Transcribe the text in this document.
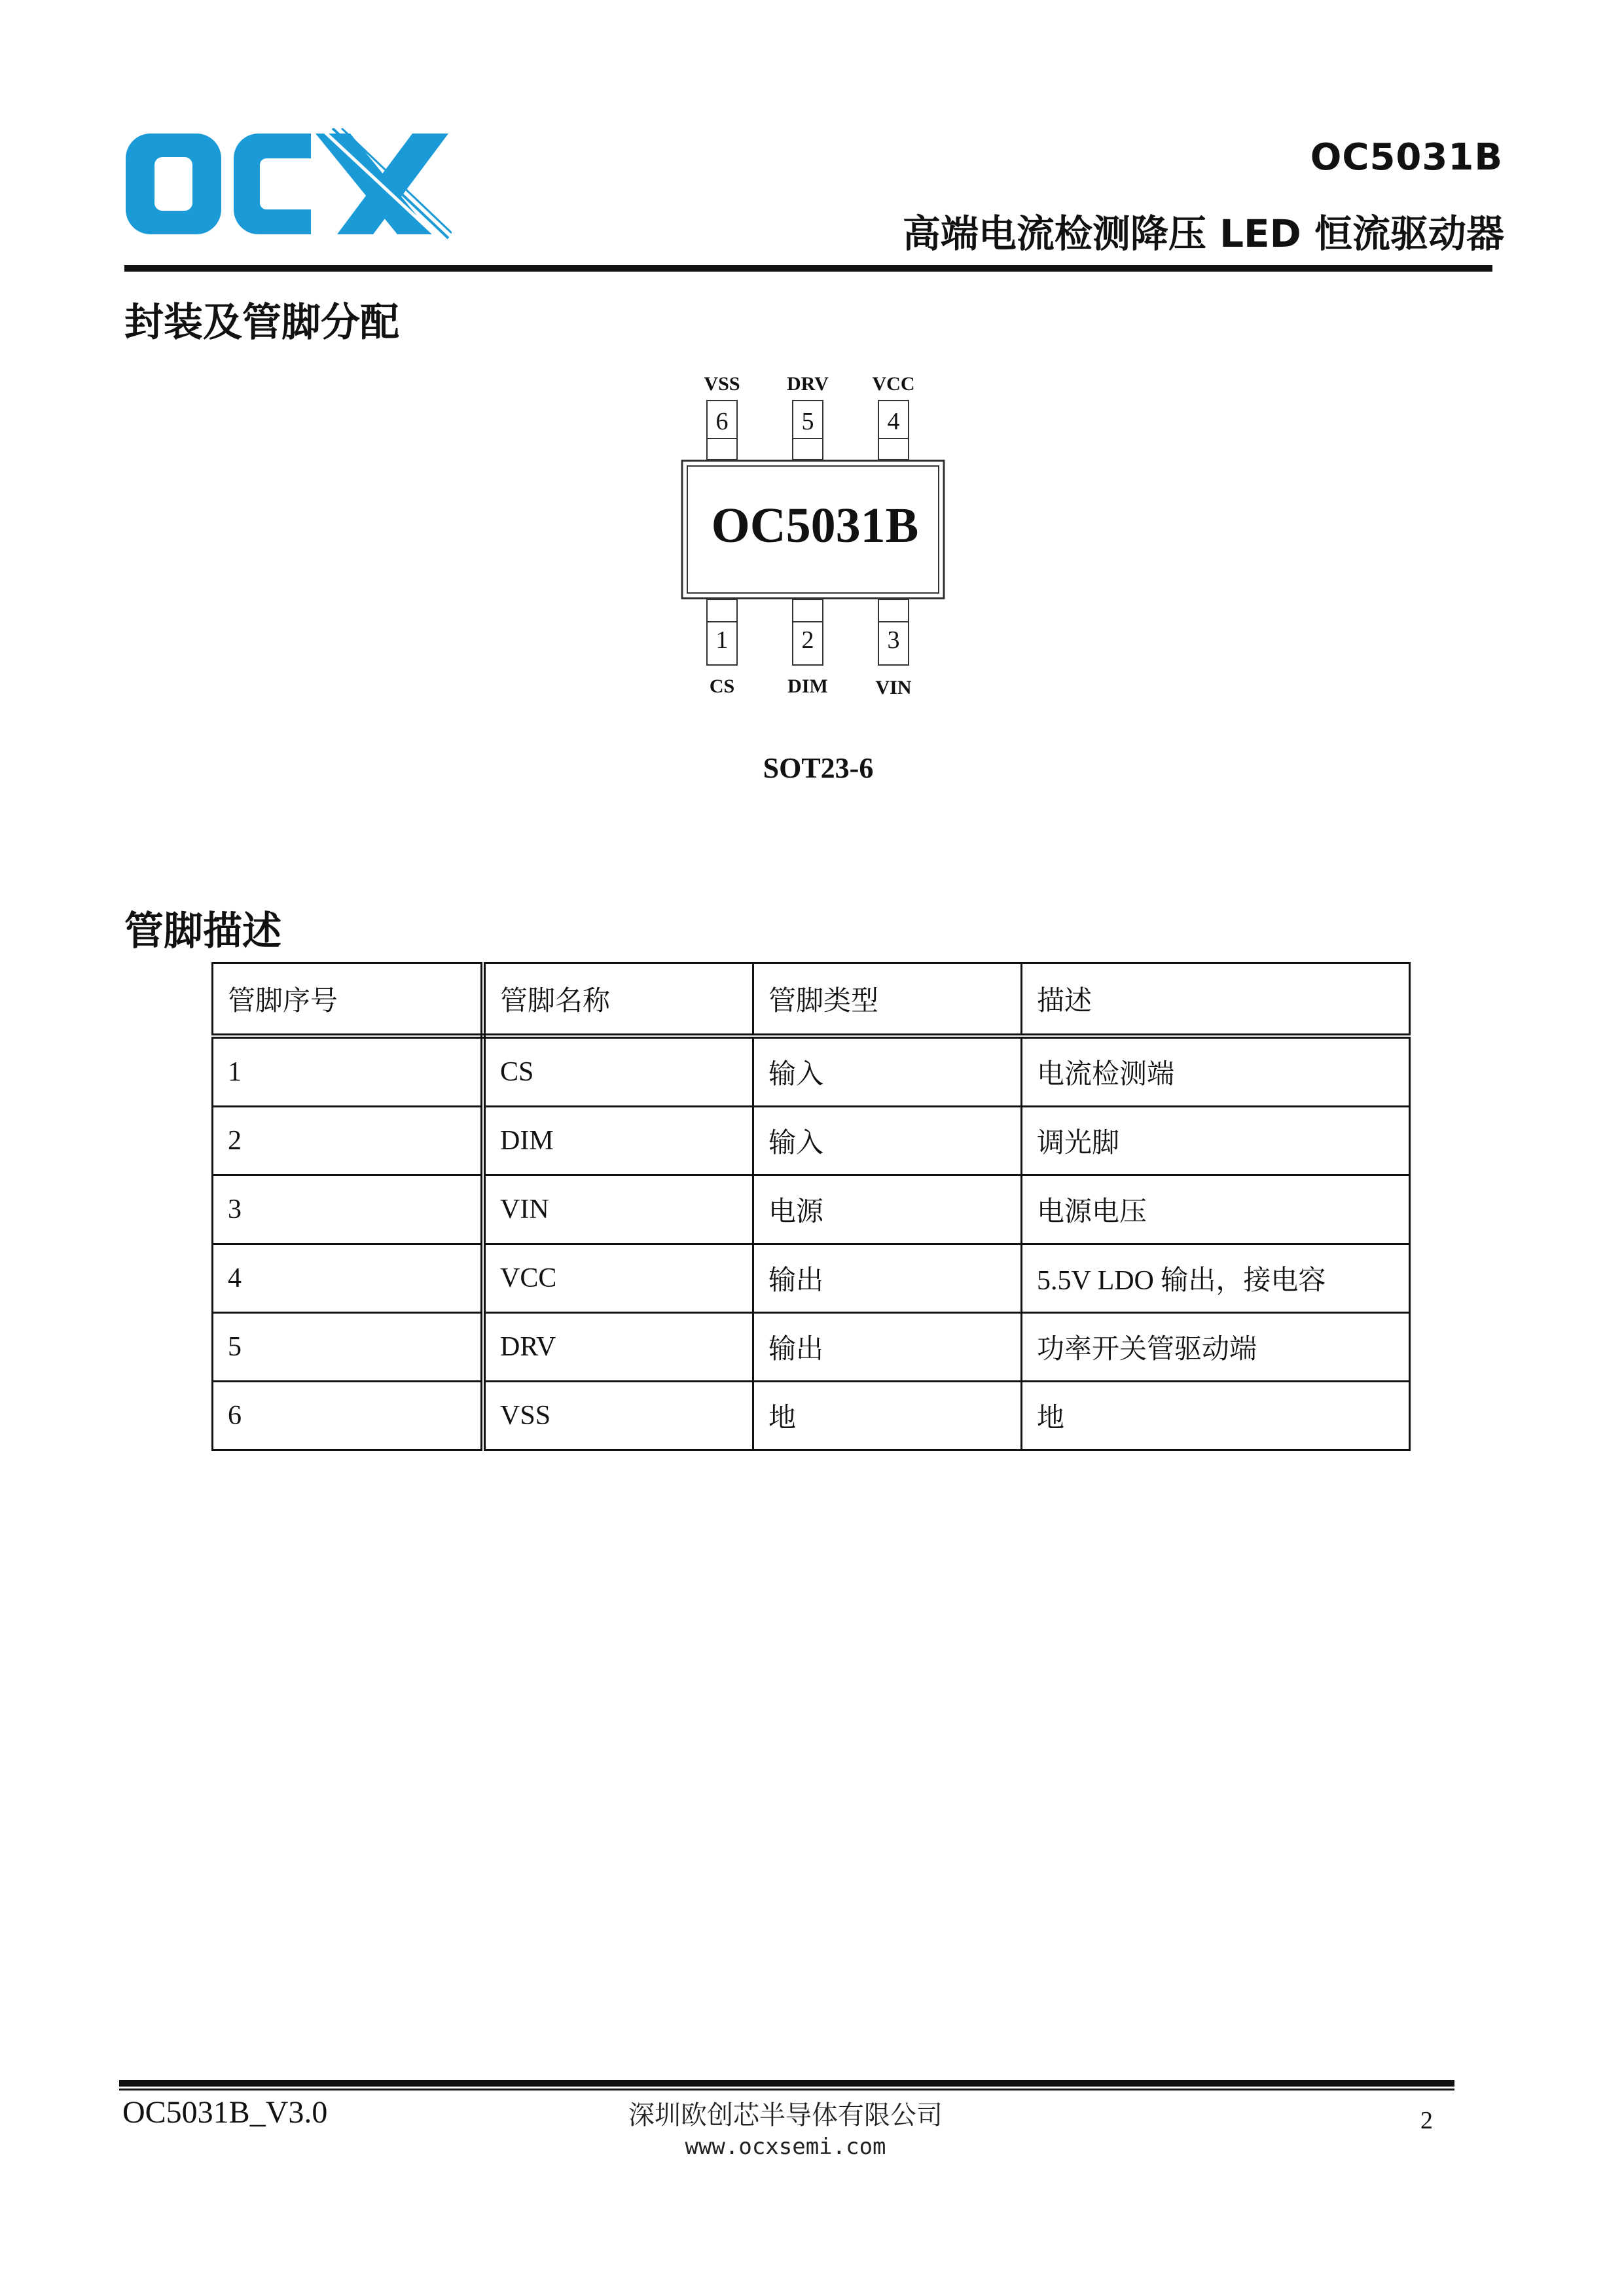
OC5031B
高端电流检测降压 LED 恒流驱动器
封装及管脚分配
VSS	DRV	VCC
6	5	4
OC5031B
1	2	3
CS	DIM	VIN
SOT23-6
管脚描述
管脚序号	管脚名称	管脚类型	描述
1	CS	输入	电流检测端
2	DIM	输入	调光脚
3	VIN	电源	电源电压
4	VCC	输出	5.5V LDO 输出，接电容
5	DRV	输出	功率开关管驱动端
6	VSS	地	地
OC5031B_V3.0	深圳欧创芯半导体有限公司
www.ocxsemi.com
2
